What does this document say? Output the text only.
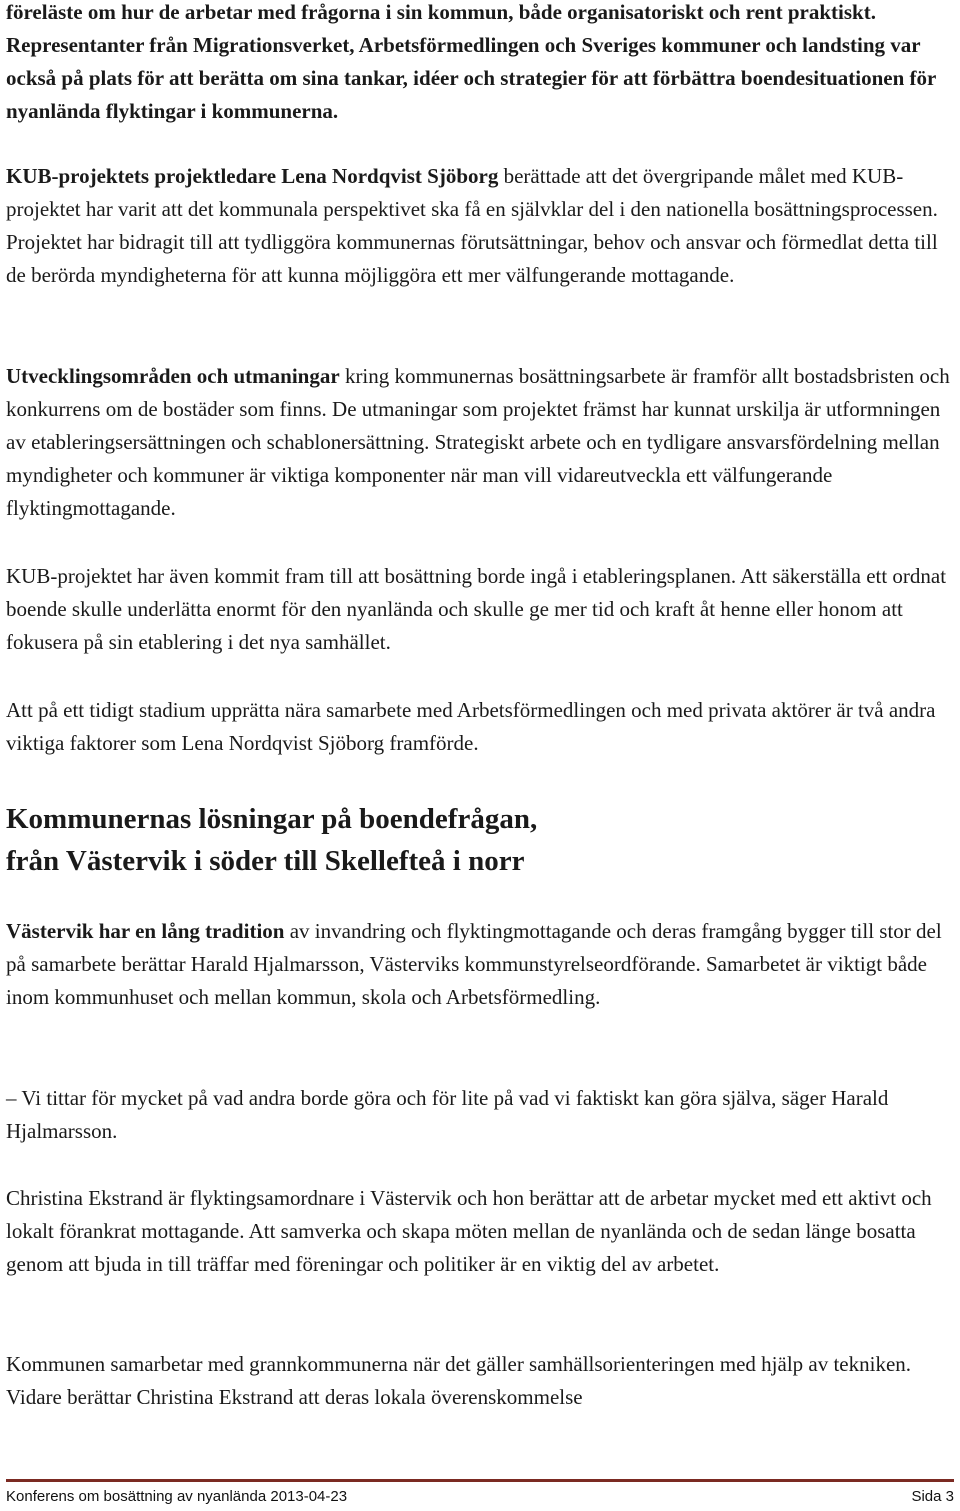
föreläste om hur de arbetar med frågorna i sin kommun, både organisatoriskt och rent praktiskt. Representanter från Migrationsverket, Arbetsförmedlingen och Sveriges kommuner och landsting var också på plats för att berätta om sina tankar, idéer och strategier för att förbättra boendesituationen för nyanlända flyktingar i kommunerna.

KUB-projektets projektledare Lena Nordqvist Sjöborg berättade att det övergripande målet med KUB-projektet har varit att det kommunala perspektivet ska få en självklar del i den nationella bosättningsprocessen. Projektet har bidragit till att tydliggöra kommunernas förutsättningar, behov och ansvar och förmedlat detta till de berörda myndigheterna för att kunna möjliggöra ett mer välfungerande mottagande.

Utvecklingsområden och utmaningar kring kommunernas bosättningsarbete är framför allt bostadsbristen och konkurrens om de bostäder som finns. De utmaningar som projektet främst har kunnat urskilja är utformningen av etableringsersättningen och schablonersättning. Strategiskt arbete och en tydligare ansvarsfördelning mellan myndigheter och kommuner är viktiga komponenter när man vill vidareutveckla ett välfungerande flyktingmottagande.

KUB-projektet har även kommit fram till att bosättning borde ingå i etableringsplanen. Att säkerställa ett ordnat boende skulle underlätta enormt för den nyanlända och skulle ge mer tid och kraft åt henne eller honom att fokusera på sin etablering i det nya samhället.

Att på ett tidigt stadium upprätta nära samarbete med Arbetsförmedlingen och med privata aktörer är två andra viktiga faktorer som Lena Nordqvist Sjöborg framförde.

Kommunernas lösningar på boendefrågan,
från Västervik i söder till Skellefteå i norr

Västervik har en lång tradition av invandring och flyktingmottagande och deras framgång bygger till stor del på samarbete berättar Harald Hjalmarsson, Västerviks kommunstyrelseordförande. Samarbetet är viktigt både inom kommunhuset och mellan kommun, skola och Arbetsförmedling.

– Vi tittar för mycket på vad andra borde göra och för lite på vad vi faktiskt kan göra själva, säger Harald Hjalmarsson.

Christina Ekstrand är flyktingsamordnare i Västervik och hon berättar att de arbetar mycket med ett aktivt och lokalt förankrat mottagande. Att samverka och skapa möten mellan de nyanlända och de sedan länge bosatta genom att bjuda in till träffar med föreningar och politiker är en viktig del av arbetet.

Kommunen samarbetar med grannkommunerna när det gäller samhällsorienteringen med hjälp av tekniken. Vidare berättar Christina Ekstrand att deras lokala överenskommelse

Konferens om bosättning av nyanlända 2013-04-23	Sida 3
